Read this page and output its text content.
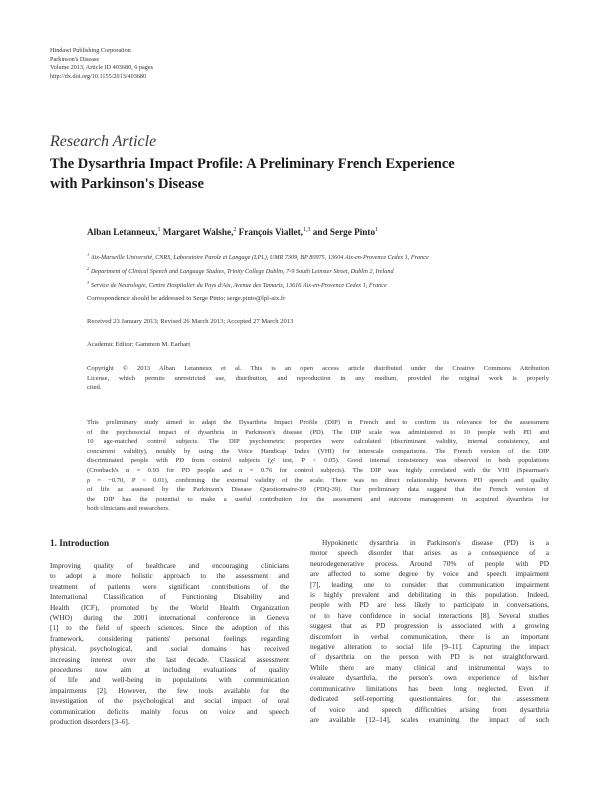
Hindawi Publishing Corporation
Parkinson's Disease
Volume 2013, Article ID 403680, 6 pages
http://dx.doi.org/10.1155/2013/403680
Research Article
The Dysarthria Impact Profile: A Preliminary French Experience
with Parkinson's Disease
Alban Letanneux,$^1$ Margaret Walshe,$^2$ François Viallet,$^{1,3}$ and Serge Pinto$^1$
$^1$ Aix-Marseille Université, CNRS, Laboratoire Parole et Langage (LPL), UMR 7309, BP 80975, 13604 Aix-en-Provence Cedex 1, France
$^2$ Department of Clinical Speech and Language Studies, Trinity College Dublin, 7-9 South Leinster Street, Dublin 2, Ireland
$^3$ Service de Neurologie, Centre Hospitalier du Pays d'Aix, Avenue des Tamaris, 13616 Aix-en-Provence Cedex 1, France
Correspondence should be addressed to Serge Pinto; serge.pinto@lpl-aix.fr
Received 23 January 2013; Revised 26 March 2013; Accepted 27 March 2013
Academic Editor: Gammon M. Earhart
Copyright © 2013 Alban Letanneux et al. This is an open access article distributed under the Creative Commons Attribution
License, which permits unrestricted use, distribution, and reproduction in any medium, provided the original work is properly
cited.
This preliminary study aimed to adapt the Dysarthria Impact Profile (DIP) in French and to confirm its relevance for the assessment
of the psychosocial impact of dysarthria in Parkinson's disease (PD). The DIP scale was administered to 10 people with PD and
10 age-matched control subjects. The DIP psychometric properties were calculated (discriminant validity, internal consistency, and
concurrent validity), notably by using the Voice Handicap Index (VHI) for interscale comparisons. The French version of the DIP
discriminated people with PD from control subjects (χ² test, P < 0.05). Good internal consistency was observed in both populations
(Cronbach's α = 0.93 for PD people and α = 0.76 for control subjects). The DIP was highly correlated with the VHI (Spearman's
ρ = −0.70, P < 0.01), confirming the external validity of the scale. There was no direct relationship between PD speech and quality
of life as assessed by the Parkinson's Disease Questionnaire-39 (PDQ-39). Our preliminary data suggest that the French version of
the DIP has the potential to make a useful contribution for the assessment and outcome management in acquired dysarthria for
both clinicians and researchers.
1. Introduction
Improving quality of healthcare and encouraging clinicians
to adopt a more holistic approach to the assessment and
treatment of patients were significant contributions of the
International Classification of Functioning Disability and
Health (ICF), promoted by the World Health Organization
(WHO) during the 2001 international conference in Geneva
[1] to the field of speech sciences. Since the adoption of this
framework, considering patients' personal feelings regarding
physical, psychological, and social domains has received
increasing interest over the last decade. Classical assessment
procedures now aim at including evaluations of quality
of life and well-being in populations with communication
impairments [2]. However, the few tools available for the
investigation of the psychological and social impact of oral
communication deficits mainly focus on voice and speech
production disorders [3–6].
Hypokinetic dysarthria in Parkinson's disease (PD) is a
motor speech disorder that arises as a consequence of a
neurodegenerative process. Around 70% of people with PD
are affected to some degree by voice and speech impairment
[7], leading one to consider that communication impairment
is highly prevalent and debilitating in this population. Indeed,
people with PD are less likely to participate in conversations,
or to have confidence in social interactions [8]. Several studies
suggest that as PD progression is associated with a growing
discomfort in verbal communication, there is an important
negative alteration to social life [9–11]. Capturing the impact
of dysarthria on the person with PD is not straightforward.
While there are many clinical and instrumental ways to
evaluate dysarthria, the person's own experience of his/her
communicative limitations has been long neglected. Even if
dedicated self-reporting questionnaires for the assessment
of voice and speech difficulties arising from dysarthria
are available [12–14], scales examining the impact of such
